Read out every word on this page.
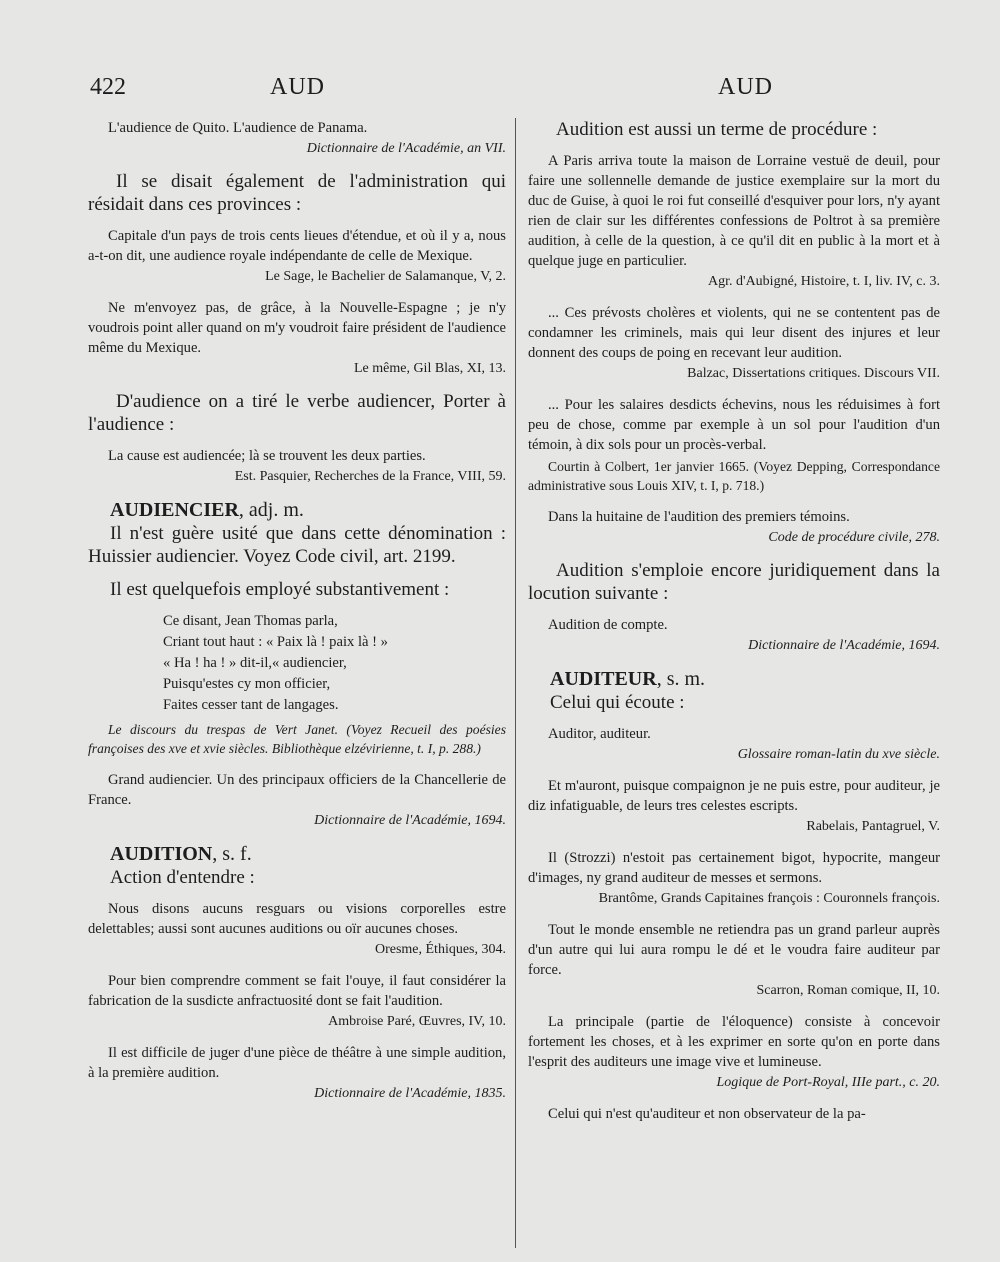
422	AUD	AUD

L'audience de Quito. L'audience de Panama.

Dictionnaire de l'Académie, an VII.

Il se disait également de l'administration qui résidait dans ces provinces :

Capitale d'un pays de trois cents lieues d'étendue, et où il y a, nous a-t-on dit, une audience royale indépendante de celle de Mexique.

Le Sage, le Bachelier de Salamanque, V, 2.

Ne m'envoyez pas, de grâce, à la Nouvelle-Espagne ; je n'y voudrois point aller quand on m'y voudroit faire président de l'audience même du Mexique.

Le même, Gil Blas, XI, 13.

D'audience on a tiré le verbe audiencer, Porter à l'audience :

La cause est audiencée; là se trouvent les deux parties.

Est. Pasquier, Recherches de la France, VIII, 59.

AUDIENCIER, adj. m.

Il n'est guère usité que dans cette dénomination : Huissier audiencier. Voyez Code civil, art. 2199.

Il est quelquefois employé substantivement :

Ce disant, Jean Thomas parla,
Criant tout haut : « Paix là ! paix là ! »
« Ha ! ha ! » dit-il,« audiencier,
Puisqu'estes cy mon officier,
Faites cesser tant de langages.

Le discours du trespas de Vert Janet. (Voyez Recueil des poésies françoises des xve et xvie siècles. Bibliothèque elzévirienne, t. I, p. 288.)

Grand audiencier. Un des principaux officiers de la Chancellerie de France.

Dictionnaire de l'Académie, 1694.

AUDITION, s. f.

Action d'entendre :

Nous disons aucuns resguars ou visions corporelles estre delettables; aussi sont aucunes auditions ou oïr aucunes choses.

Oresme, Éthiques, 304.

Pour bien comprendre comment se fait l'ouye, il faut considérer la fabrication de la susdicte anfractuosité dont se fait l'audition.

Ambroise Paré, Œuvres, IV, 10.

Il est difficile de juger d'une pièce de théâtre à une simple audition, à la première audition.

Dictionnaire de l'Académie, 1835.

Audition est aussi un terme de procédure :

A Paris arriva toute la maison de Lorraine vestuë de deuil, pour faire une sollennelle demande de justice exemplaire sur la mort du duc de Guise, à quoi le roi fut conseillé d'esquiver pour lors, n'y ayant rien de clair sur les différentes confessions de Poltrot à sa première audition, à celle de la question, à ce qu'il dit en public à la mort et à quelque juge en particulier.

Agr. d'Aubigné, Histoire, t. I, liv. IV, c. 3.

... Ces prévosts cholères et violents, qui ne se contentent pas de condamner les criminels, mais qui leur disent des injures et leur donnent des coups de poing en recevant leur audition.

Balzac, Dissertations critiques. Discours VII.

... Pour les salaires desdicts échevins, nous les réduisimes à fort peu de chose, comme par exemple à un sol pour l'audition d'un témoin, à dix sols pour un procès-verbal.

Courtin à Colbert, 1er janvier 1665. (Voyez Depping, Correspondance administrative sous Louis XIV, t. I, p. 718.)

Dans la huitaine de l'audition des premiers témoins.

Code de procédure civile, 278.

Audition s'emploie encore juridiquement dans la locution suivante :

Audition de compte.

Dictionnaire de l'Académie, 1694.

AUDITEUR, s. m.

Celui qui écoute :

Auditor, auditeur.

Glossaire roman-latin du xve siècle.

Et m'auront, puisque compaignon je ne puis estre, pour auditeur, je diz infatiguable, de leurs tres celestes escripts.

Rabelais, Pantagruel, V.

Il (Strozzi) n'estoit pas certainement bigot, hypocrite, mangeur d'images, ny grand auditeur de messes et sermons.

Brantôme, Grands Capitaines françois : Couronnels françois.

Tout le monde ensemble ne retiendra pas un grand parleur auprès d'un autre qui lui aura rompu le dé et le voudra faire auditeur par force.

Scarron, Roman comique, II, 10.

La principale (partie de l'éloquence) consiste à concevoir fortement les choses, et à les exprimer en sorte qu'on en porte dans l'esprit des auditeurs une image vive et lumineuse.

Logique de Port-Royal, IIIe part., c. 20.

Celui qui n'est qu'auditeur et non observateur de la pa-
